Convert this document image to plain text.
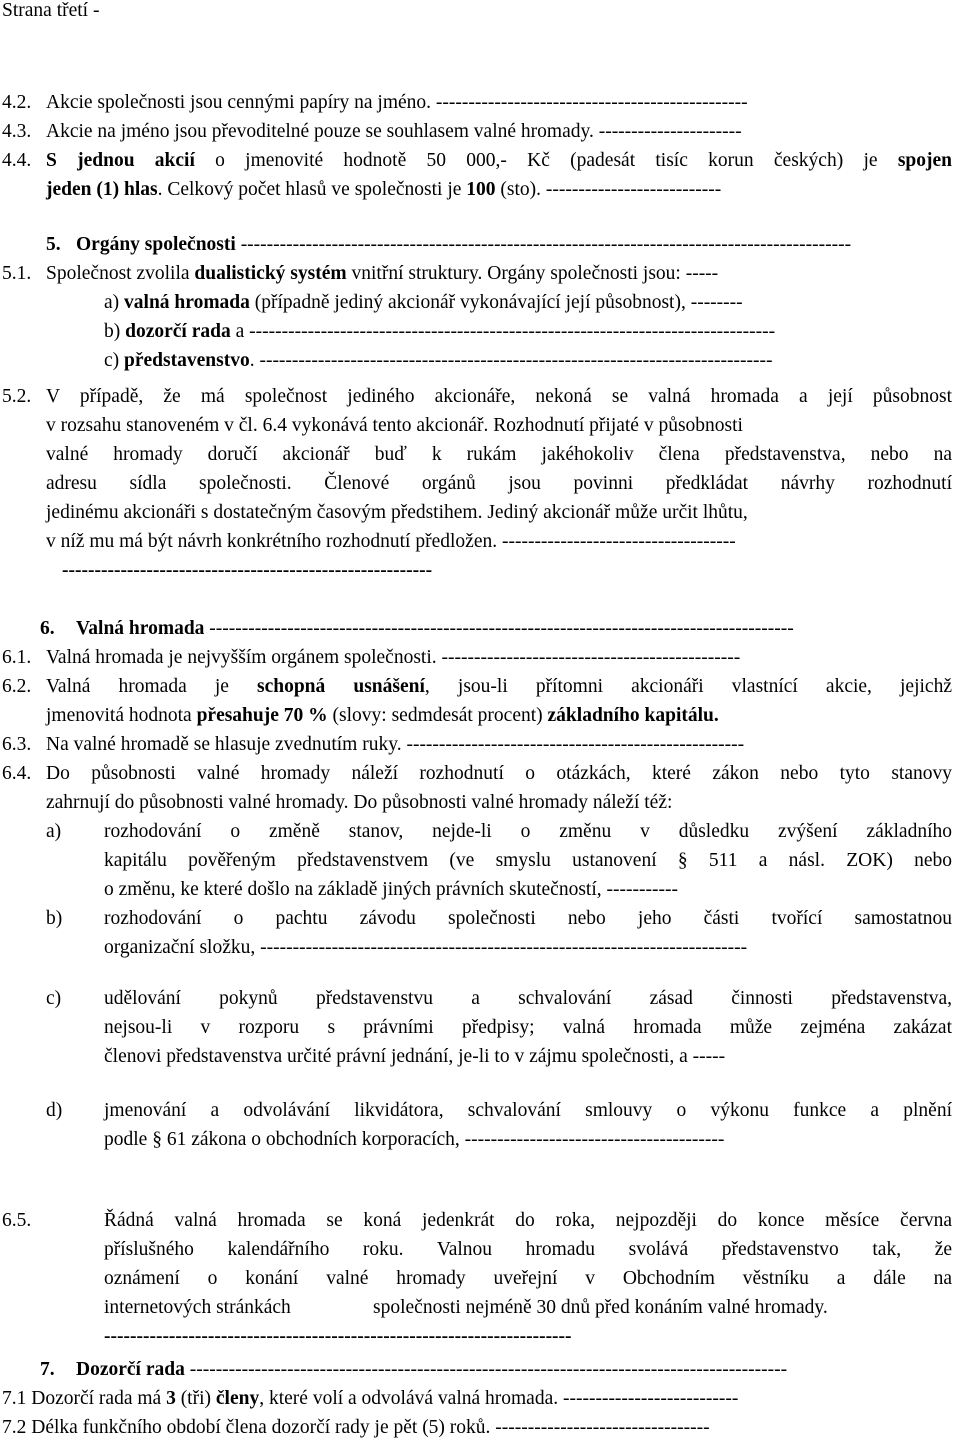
Strana třetí -
4.2. Akcie společnosti jsou cennými papíry na jméno. ------------------------------------------------
4.3. Akcie na jméno jsou převoditelné pouze se souhlasem valné hromady. ----------------------
4.4. S jednou akcií o jmenovité hodnotě 50 000,- Kč (padesát tisíc korun českých) je spojen
jeden (1) hlas. Celkový počet hlasů ve společnosti je 100 (sto). ---------------------------
5. Orgány společnosti ----------------------------------------------------------------------------------------------
5.1. Společnost zvolila dualistický systém vnitřní struktury. Orgány společnosti jsou: -----
a) valná hromada (případně jediný akcionář vykonávající její působnost), --------
b) dozorčí rada a ---------------------------------------------------------------------------------
c) představenstvo. -------------------------------------------------------------------------------
5.2. V případě, že má společnost jediného akcionáře, nekoná se valná hromada a její působnost
v rozsahu stanoveném v čl. 6.4 vykonává tento akcionář. Rozhodnutí přijaté v působnosti
valné hromady doručí akcionář buď k rukám jakéhokoliv člena představenstva, nebo na
adresu sídla společnosti. Členové orgánů jsou povinni předkládat návrhy rozhodnutí
jedinému akcionáři s dostatečným časovým předstihem. Jediný akcionář může určit lhůtu,
v níž mu má být návrh konkrétního rozhodnutí předložen. ------------------------------------
---------------------------------------------------------
6. Valná hromada ------------------------------------------------------------------------------------------
6.1. Valná hromada je nejvyšším orgánem společnosti. ----------------------------------------------
6.2. Valná hromada je schopná usnášení, jsou-li přítomni akcionáři vlastnící akcie, jejichž
jmenovitá hodnota přesahuje 70 % (slovy: sedmdesát procent) základního kapitálu.
6.3. Na valné hromadě se hlasuje zvednutím ruky. ----------------------------------------------------
6.4. Do působnosti valné hromady náleží rozhodnutí o otázkách, které zákon nebo tyto stanovy
zahrnují do působnosti valné hromady. Do působnosti valné hromady náleží též:
a) rozhodování o změně stanov, nejde-li o změnu v důsledku zvýšení základního
kapitálu pověřeným představenstvem (ve smyslu ustanovení § 511 a násl. ZOK) nebo
o změnu, ke které došlo na základě jiných právních skutečností, -----------
b) rozhodování o pachtu závodu společnosti nebo jeho části tvořící samostatnou
organizační složku, ---------------------------------------------------------------------------
c) udělování pokynů představenstvu a schvalování zásad činnosti představenstva,
nejsou-li v rozporu s právními předpisy; valná hromada může zejména zakázat
členovi představenstva určité právní jednání, je-li to v zájmu společnosti, a -----
d) jmenování a odvolávání likvidátora, schvalování smlouvy o výkonu funkce a plnění
podle § 61 zákona o obchodních korporacích, ----------------------------------------
6.5.	Řádná valná hromada se koná jedenkrát do roka, nejpozději do konce měsíce června
příslušného kalendářního roku. Valnou hromadu svolává představenstvo tak, že
oznámení o konání valné hromady uveřejní v Obchodním věstníku a dále na
internetových stránkách	společnosti nejméně 30 dnů před konáním valné hromady.
------------------------------------------------------------------------
7. Dozorčí rada --------------------------------------------------------------------------------------------
7.1 Dozorčí rada má 3 (tři) členy, které volí a odvolává valná hromada. ---------------------------
7.2 Délka funkčního období člena dozorčí rady je pět (5) roků. ---------------------------------
